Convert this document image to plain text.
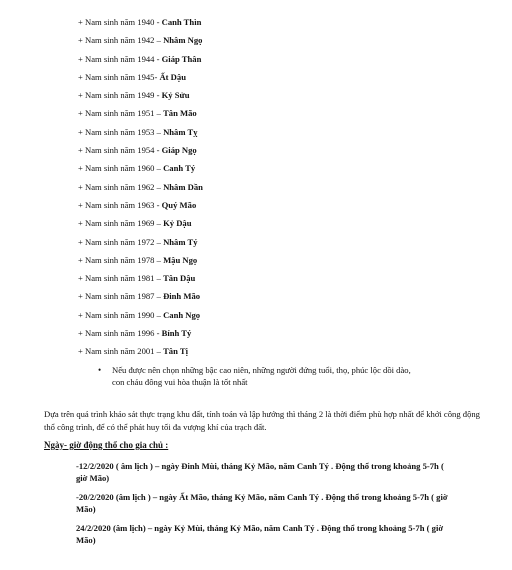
+ Nam sinh năm 1940 - Canh Thìn
+ Nam sinh năm 1942 – Nhâm Ngọ
+ Nam sinh năm 1944 - Giáp Thân
+ Nam sinh năm 1945- Ất Dậu
+ Nam sinh năm 1949 - Kỷ Sửu
+ Nam sinh năm 1951 – Tân Mão
+ Nam sinh năm 1953 – Nhâm Tỵ
+ Nam sinh năm 1954 - Giáp Ngọ
+ Nam sinh năm 1960 – Canh Tý
+ Nam sinh năm 1962 – Nhâm Dần
+ Nam sinh năm 1963 - Quý Mão
+ Nam sinh năm 1969 – Kỷ Dậu
+ Nam sinh năm 1972 – Nhâm Tý
+ Nam sinh năm 1978 – Mậu Ngọ
+ Nam sinh năm 1981 – Tân Dậu
+ Nam sinh năm 1987 – Đinh Mão
+ Nam sinh năm 1990 – Canh Ngọ
+ Nam sinh năm 1996 - Bính Tý
+ Nam sinh năm 2001 – Tân Tị
• Nếu được nên chọn những bậc cao niên, những người đứng tuổi, thọ, phúc lộc dồi dào, con cháu đông vui hòa thuận là tốt nhất
Dựa trên quá trình khảo sát thực trạng khu đất, tính toán và lập hướng thì tháng 2 là thời điểm phù hợp nhất để khởi công động thổ công trình, để có thể phát huy tối đa vượng khí của trạch đất.
Ngày- giờ động thổ cho gia chủ :
-12/2/2020 ( âm lịch ) – ngày Đinh Mùi, tháng Kỷ Mão, năm Canh Tý . Động thổ trong khoảng 5-7h ( giờ Mão)
-20/2/2020 (âm lịch ) – ngày Ất Mão, tháng Kỷ Mão, năm Canh Tý . Động thổ trong khoảng 5-7h ( giờ Mão)
24/2/2020 (âm lịch) – ngày Kỷ Mùi, tháng Kỷ Mão, năm Canh Tý . Động thổ trong khoảng 5-7h ( giờ Mão)
